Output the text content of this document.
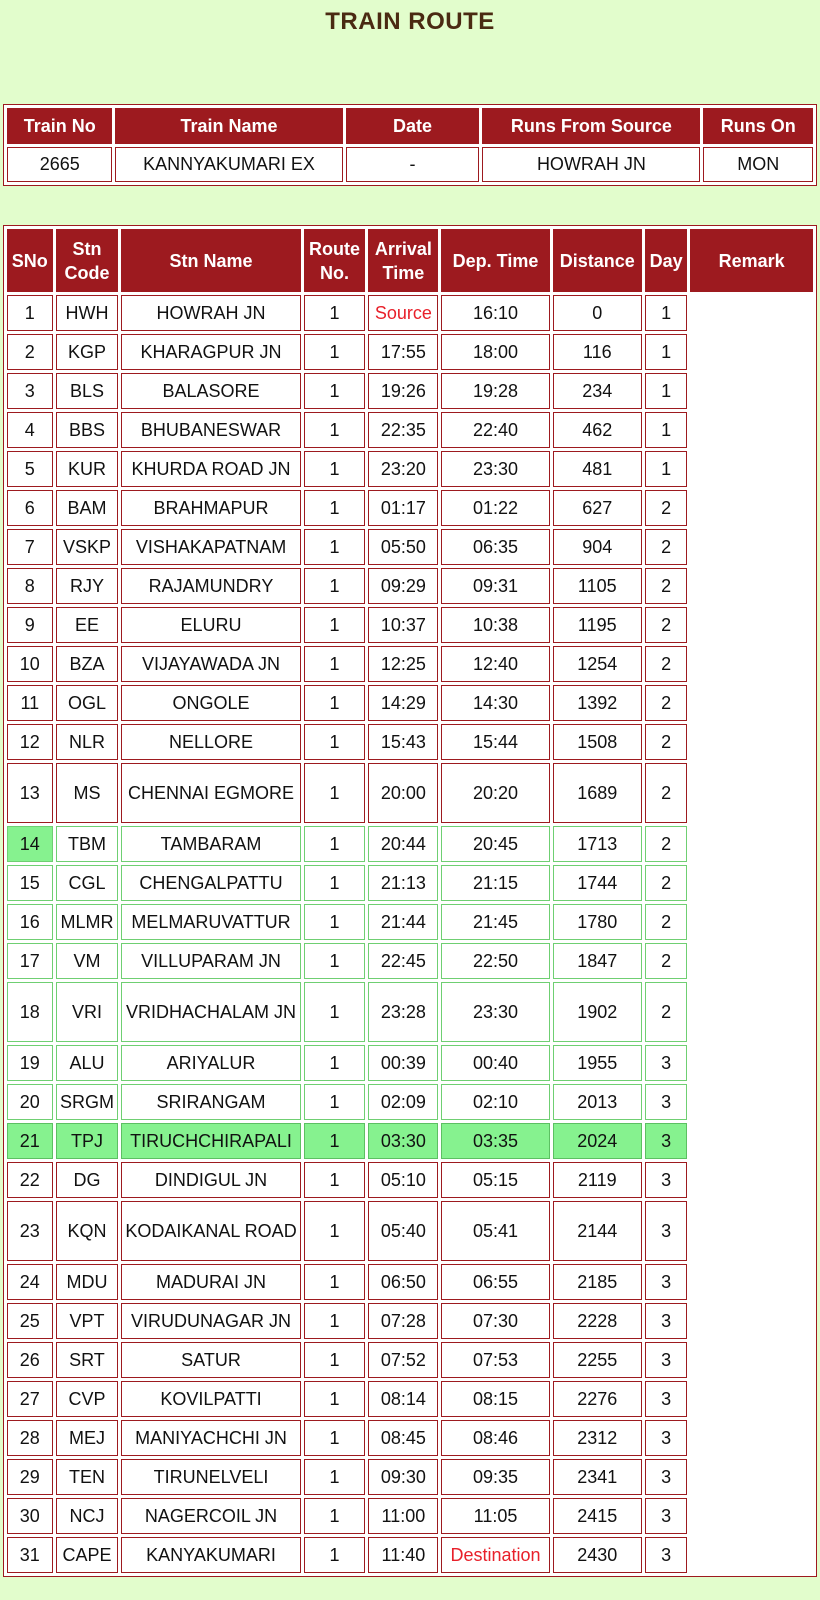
TRAIN ROUTE
Train No	Train Name	Date	Runs From Source	Runs On
2665	KANNYAKUMARI EX	-	HOWRAH JN	MON
SNo	Stn Code	Stn Name	Route No.	Arrival Time	Dep. Time	Distance	Day	Remark
1	HWH	HOWRAH JN	1	Source	16:10	0	1	
2	KGP	KHARAGPUR JN	1	17:55	18:00	116	1	
3	BLS	BALASORE	1	19:26	19:28	234	1	
4	BBS	BHUBANESWAR	1	22:35	22:40	462	1	
5	KUR	KHURDA ROAD JN	1	23:20	23:30	481	1	
6	BAM	BRAHMAPUR	1	01:17	01:22	627	2	
7	VSKP	VISHAKAPATNAM	1	05:50	06:35	904	2	
8	RJY	RAJAMUNDRY	1	09:29	09:31	1105	2	
9	EE	ELURU	1	10:37	10:38	1195	2	
10	BZA	VIJAYAWADA JN	1	12:25	12:40	1254	2	
11	OGL	ONGOLE	1	14:29	14:30	1392	2	
12	NLR	NELLORE	1	15:43	15:44	1508	2	
13	MS	CHENNAI EGMORE	1	20:00	20:20	1689	2	
14	TBM	TAMBARAM	1	20:44	20:45	1713	2	
15	CGL	CHENGALPATTU	1	21:13	21:15	1744	2	
16	MLMR	MELMARUVATTUR	1	21:44	21:45	1780	2	
17	VM	VILLUPARAM JN	1	22:45	22:50	1847	2	
18	VRI	VRIDHACHALAM JN	1	23:28	23:30	1902	2	
19	ALU	ARIYALUR	1	00:39	00:40	1955	3	
20	SRGM	SRIRANGAM	1	02:09	02:10	2013	3	
21	TPJ	TIRUCHCHIRAPALI	1	03:30	03:35	2024	3	
22	DG	DINDIGUL JN	1	05:10	05:15	2119	3	
23	KQN	KODAIKANAL ROAD	1	05:40	05:41	2144	3	
24	MDU	MADURAI JN	1	06:50	06:55	2185	3	
25	VPT	VIRUDUNAGAR JN	1	07:28	07:30	2228	3	
26	SRT	SATUR	1	07:52	07:53	2255	3	
27	CVP	KOVILPATTI	1	08:14	08:15	2276	3	
28	MEJ	MANIYACHCHI JN	1	08:45	08:46	2312	3	
29	TEN	TIRUNELVELI	1	09:30	09:35	2341	3	
30	NCJ	NAGERCOIL JN	1	11:00	11:05	2415	3	
31	CAPE	KANYAKUMARI	1	11:40	Destination	2430	3	
